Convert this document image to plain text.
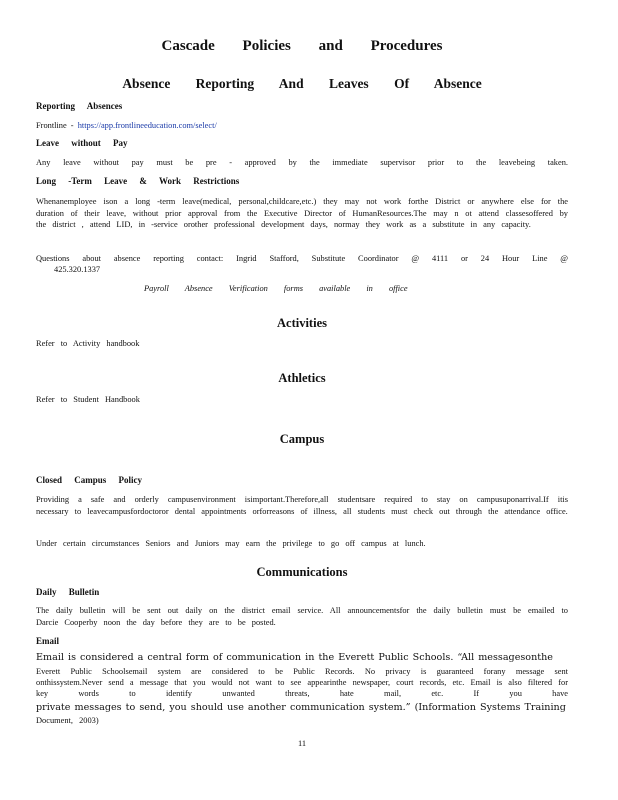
Cascade Policies and Procedures
Absence Reporting And Leaves Of Absence
Reporting Absences
Frontline - https://app.frontlineeducation.com/select/
Leave without Pay
Any leave without pay must be pre - approved by the immediate supervisor prior to the leavebeing taken.
Long -Term Leave & Work Restrictions
Whenanemployee ison a long -term leave(medical, personal,childcare,etc.) they may not work forthe District or anywhere else for the duration of their leave, without prior approval from the Executive Director of HumanResources.The may n ot attend classesoffered by the district , attend LID, in -service orother professional development days, normay they work as a substitute in any capacity.
Questions about absence reporting contact: Ingrid Stafford, Substitute Coordinator @ 4111 or 24 Hour Line @
425.320.1337
Payroll Absence Verification forms available in office
Activities
Refer to Activity handbook
Athletics
Refer to Student Handbook
Campus
Closed Campus Policy
Providing a safe and orderly campusenvironment isimportant.Therefore,all studentsare required to stay on campusuponarrival.If itis necessary to leavecampusfordoctoror dental appointments orforreasons of illness, all students must check out through the attendance office.
Under certain circumstances Seniors and Juniors may earn the privilege to go off campus at lunch.
Communications
Daily Bulletin
The daily bulletin will be sent out daily on the district email service. All announcementsfor the daily bulletin must be emailed to Darcie Cooperby noon the day before they are to be posted.
Email
Email is considered a central form of communication in the Everett Public Schools. “All messagesonthe
Everett Public Schoolsemail system are considered to be Public Records. No privacy is guaranteed forany message sent onthissystem.Never send a message that you would not want to see appearinthe newspaper, court records, etc. Email is also filtered for key words to identify unwanted threats, hate mail, etc. If you have
private messages to send, you should use another communication system.” (Information Systems Training
Document, 2003)
11
